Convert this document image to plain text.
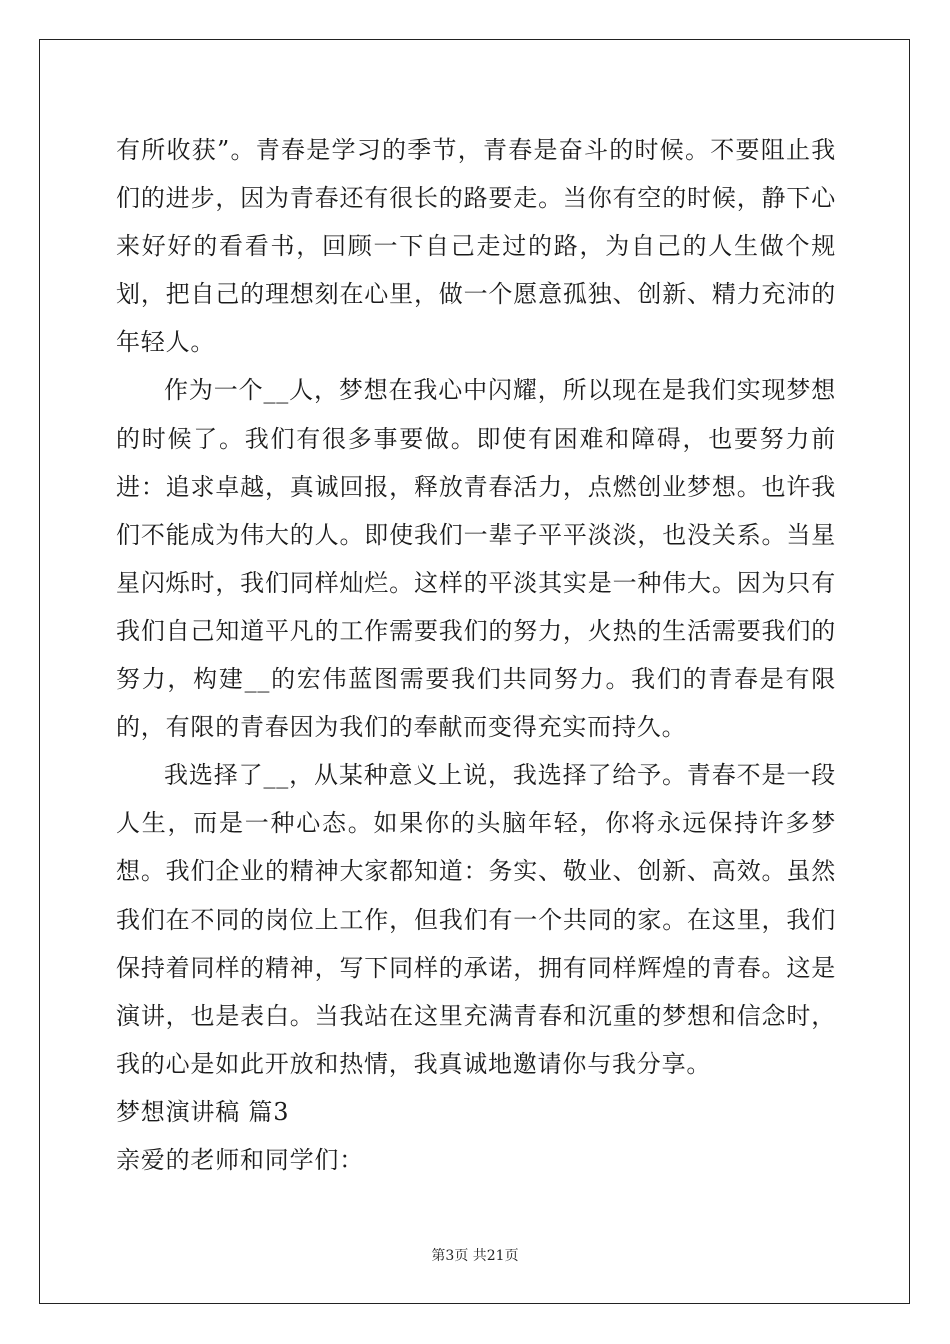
有所收获”。青春是学习的季节，青春是奋斗的时候。不要阻止我们的进步，因为青春还有很长的路要走。当你有空的时候，静下心来好好的看看书，回顾一下自己走过的路，为自己的人生做个规划，把自己的理想刻在心里，做一个愿意孤独、创新、精力充沛的年轻人。

作为一个__人，梦想在我心中闪耀，所以现在是我们实现梦想的时候了。我们有很多事要做。即使有困难和障碍，也要努力前进：追求卓越，真诚回报，释放青春活力，点燃创业梦想。也许我们不能成为伟大的人。即使我们一辈子平平淡淡，也没关系。当星星闪烁时，我们同样灿烂。这样的平淡其实是一种伟大。因为只有我们自己知道平凡的工作需要我们的努力，火热的生活需要我们的努力，构建__的宏伟蓝图需要我们共同努力。我们的青春是有限的，有限的青春因为我们的奉献而变得充实而持久。

我选择了__，从某种意义上说，我选择了给予。青春不是一段人生，而是一种心态。如果你的头脑年轻，你将永远保持许多梦想。我们企业的精神大家都知道：务实、敬业、创新、高效。虽然我们在不同的岗位上工作，但我们有一个共同的家。在这里，我们保持着同样的精神，写下同样的承诺，拥有同样辉煌的青春。这是演讲，也是表白。当我站在这里充满青春和沉重的梦想和信念时，我的心是如此开放和热情，我真诚地邀请你与我分享。

梦想演讲稿 篇3

亲爱的老师和同学们：

第3页 共21页
